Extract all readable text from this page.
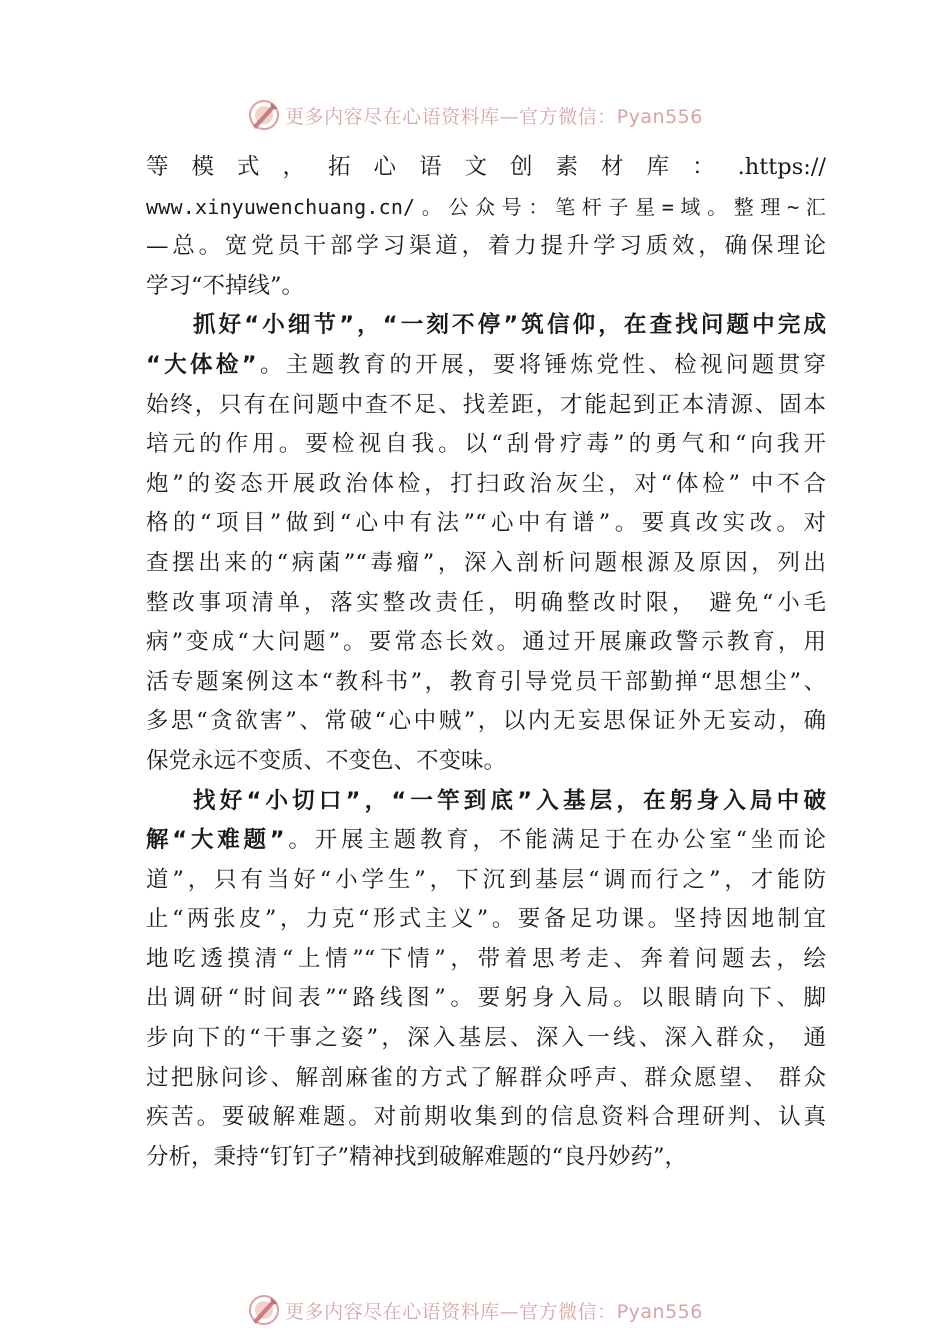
更多内容尽在心语资料库—官方微信：Pyan556
等模式，拓心语文创素材库：.https://
www.xinyuwenchuang.cn/。公众号：笔杆子星=域。整理~汇
—总。宽党员干部学习渠道，着力提升学习质效，确保理论
学习“不掉线”。
抓好“小细节”，“一刻不停”筑信仰，在查找问题中完成
“大体检”。主题教育的开展，要将锤炼党性、检视问题贯穿
始终，只有在问题中查不足、找差距，才能起到正本清源、固本
培元的作用。要检视自我。以“刮骨疗毒”的勇气和“向我开
炮”的姿态开展政治体检，打扫政治灰尘，对“体检” 中不合
格的“项目”做到“心中有法”“心中有谱”。要真改实改。对
查摆出来的“病菌”“毒瘤”，深入剖析问题根源及原因，列出
整改事项清单，落实整改责任，明确整改时限， 避免“小毛
病”变成“大问题”。要常态长效。通过开展廉政警示教育，用
活专题案例这本“教科书”，教育引导党员干部勤掸“思想尘”、
多思“贪欲害”、常破“心中贼”，以内无妄思保证外无妄动，确
保党永远不变质、不变色、不变味。
找好“小切口”，“一竿到底”入基层，在躬身入局中破
解“大难题”。开展主题教育，不能满足于在办公室“坐而论
道”，只有当好“小学生”，下沉到基层“调而行之”，才能防
止“两张皮”，力克“形式主义”。要备足功课。坚持因地制宜
地吃透摸清“上情”“下情”，带着思考走、奔着问题去，绘
出调研“时间表”“路线图”。要躬身入局。以眼睛向下、脚
步向下的“干事之姿”，深入基层、深入一线、深入群众， 通
过把脉问诊、解剖麻雀的方式了解群众呼声、群众愿望、 群众
疾苦。要破解难题。对前期收集到的信息资料合理研判、认真
分析，秉持“钉钉子”精神找到破解难题的“良丹妙药”，
更多内容尽在心语资料库—官方微信：Pyan556
